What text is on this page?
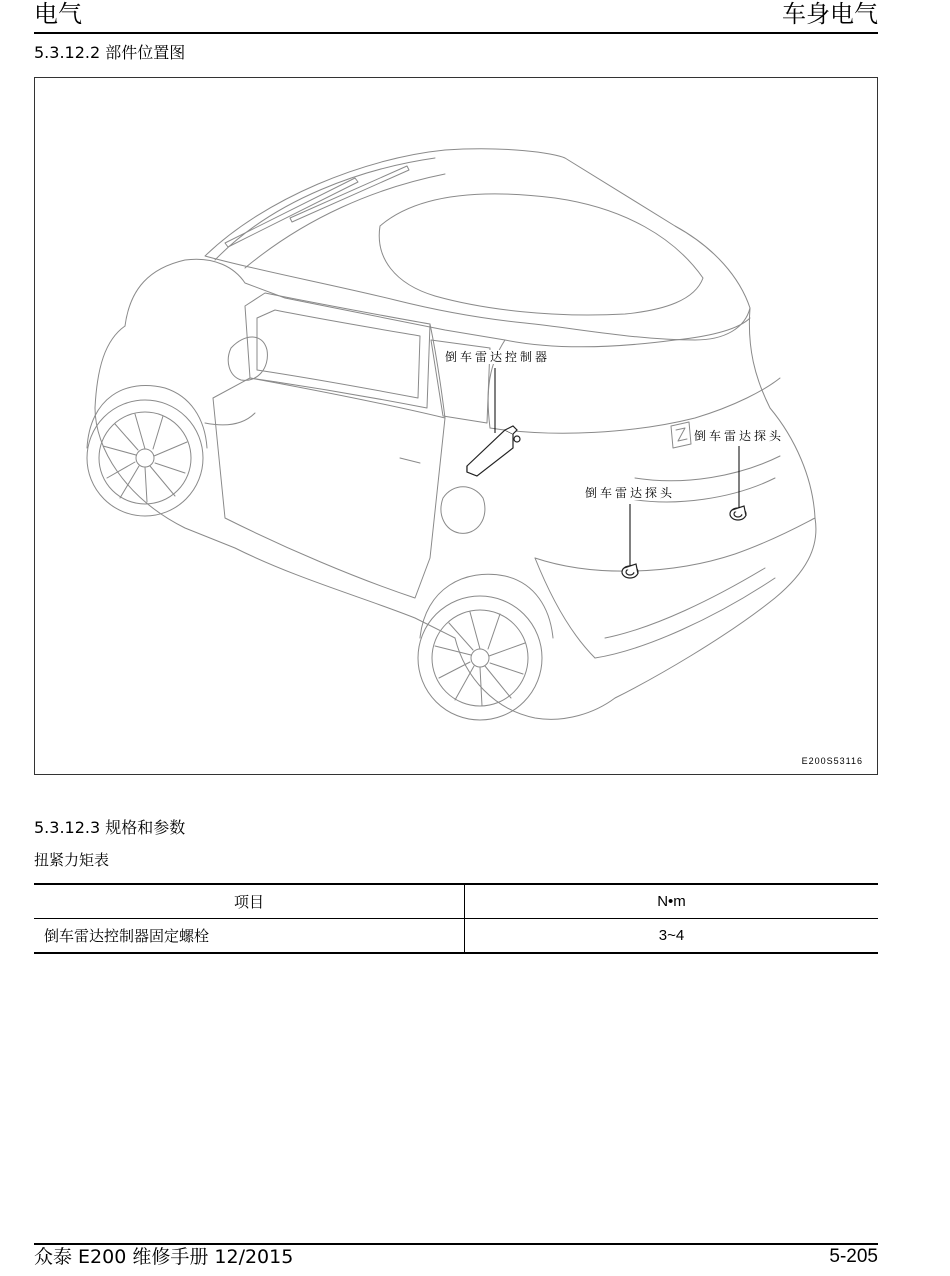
电气	车身电气
5.3.12.2 部件位置图
倒车雷达控制器
倒车雷达探头
倒车雷达探头
E200S53116
5.3.12.3 规格和参数
扭紧力矩表
项目	N•m
倒车雷达控制器固定螺栓	3~4
众泰 E200 维修手册 12/2015	5-205
